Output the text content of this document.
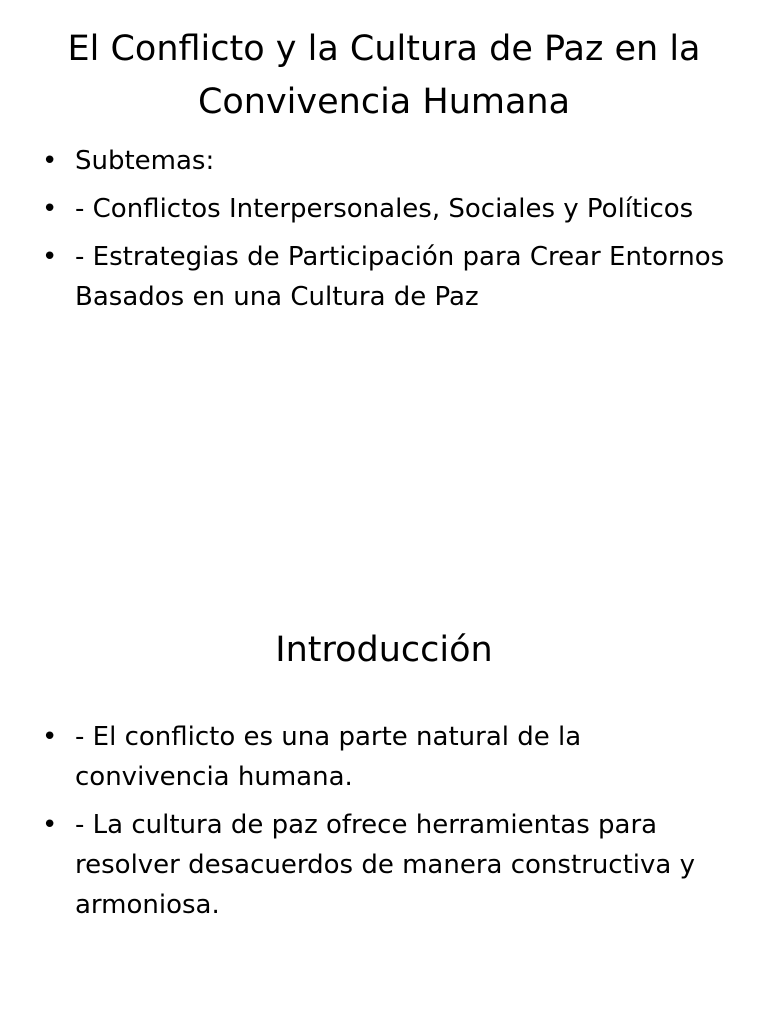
El Conflicto y la Cultura de Paz en la Convivencia Humana
• Subtemas:
• - Conflictos Interpersonales, Sociales y Políticos
• - Estrategias de Participación para Crear Entornos Basados en una Cultura de Paz
Introducción
• - El conflicto es una parte natural de la convivencia humana.
• - La cultura de paz ofrece herramientas para resolver desacuerdos de manera constructiva y armoniosa.
